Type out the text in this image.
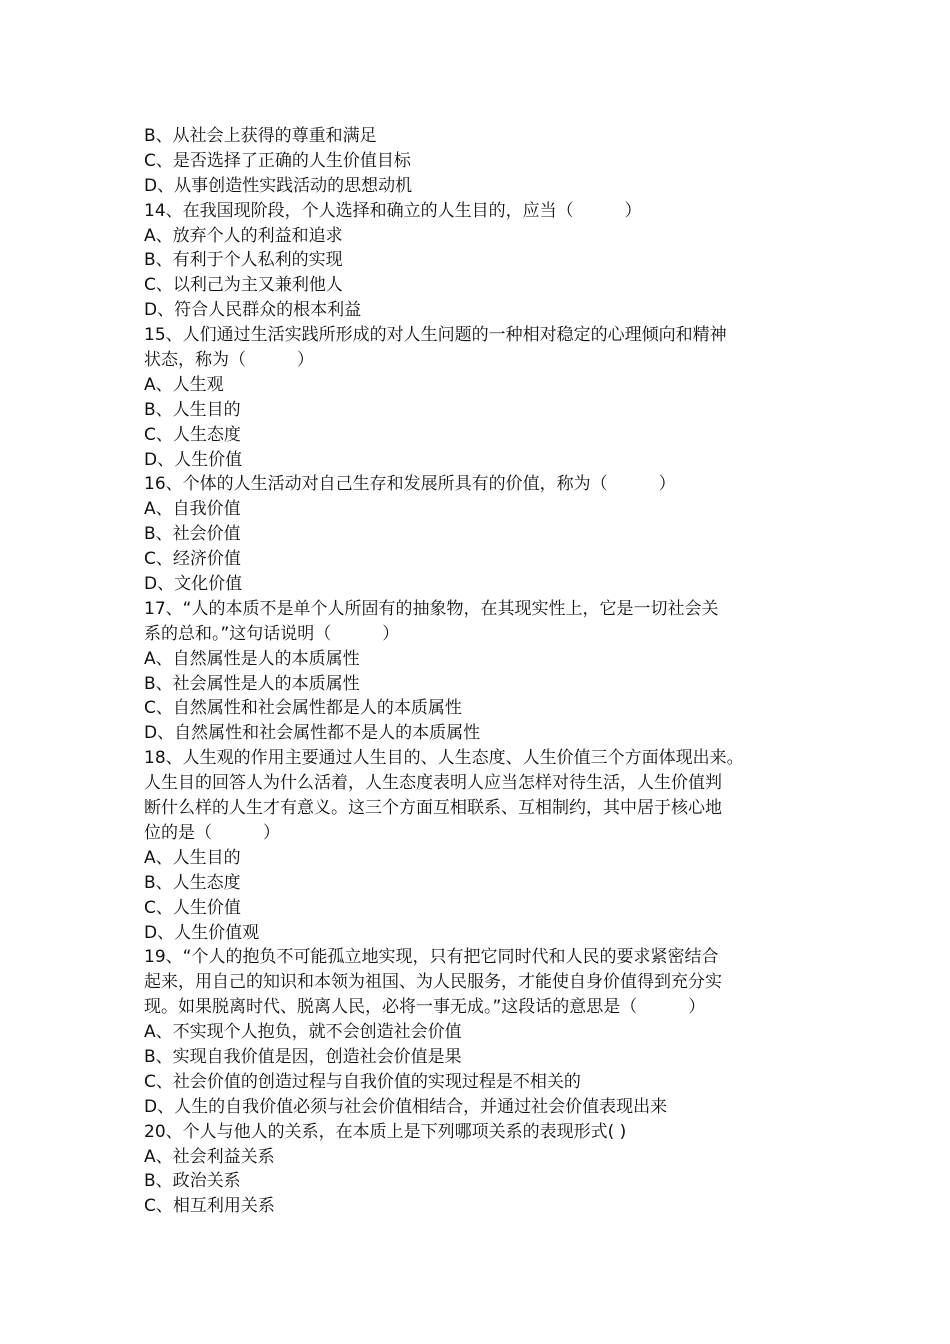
B、从社会上获得的尊重和满足
C、是否选择了正确的人生价值目标
D、从事创造性实践活动的思想动机
14、在我国现阶段，个人选择和确立的人生目的，应当（　　　）
A、放弃个人的利益和追求
B、有利于个人私利的实现
C、以利己为主又兼利他人
D、符合人民群众的根本利益
15、人们通过生活实践所形成的对人生问题的一种相对稳定的心理倾向和精神
状态，称为（　　　）
A、人生观
B、人生目的
C、人生态度
D、人生价值
16、个体的人生活动对自己生存和发展所具有的价值，称为（　　　）
A、自我价值
B、社会价值
C、经济价值
D、文化价值
17、“人的本质不是单个人所固有的抽象物，在其现实性上，它是一切社会关
系的总和。”这句话说明（　　　）
A、自然属性是人的本质属性
B、社会属性是人的本质属性
C、自然属性和社会属性都是人的本质属性
D、自然属性和社会属性都不是人的本质属性
18、人生观的作用主要通过人生目的、人生态度、人生价值三个方面体现出来。
人生目的回答人为什么活着，人生态度表明人应当怎样对待生活，人生价值判
断什么样的人生才有意义。这三个方面互相联系、互相制约，其中居于核心地
位的是（　　　）
A、人生目的
B、人生态度
C、人生价值
D、人生价值观
19、“个人的抱负不可能孤立地实现，只有把它同时代和人民的要求紧密结合
起来，用自己的知识和本领为祖国、为人民服务，才能使自身价值得到充分实
现。如果脱离时代、脱离人民，必将一事无成。”这段话的意思是（　　　）
A、不实现个人抱负，就不会创造社会价值
B、实现自我价值是因，创造社会价值是果
C、社会价值的创造过程与自我价值的实现过程是不相关的
D、人生的自我价值必须与社会价值相结合，并通过社会价值表现出来
20、个人与他人的关系，在本质上是下列哪项关系的表现形式( )
A、社会利益关系
B、政治关系
C、相互利用关系
